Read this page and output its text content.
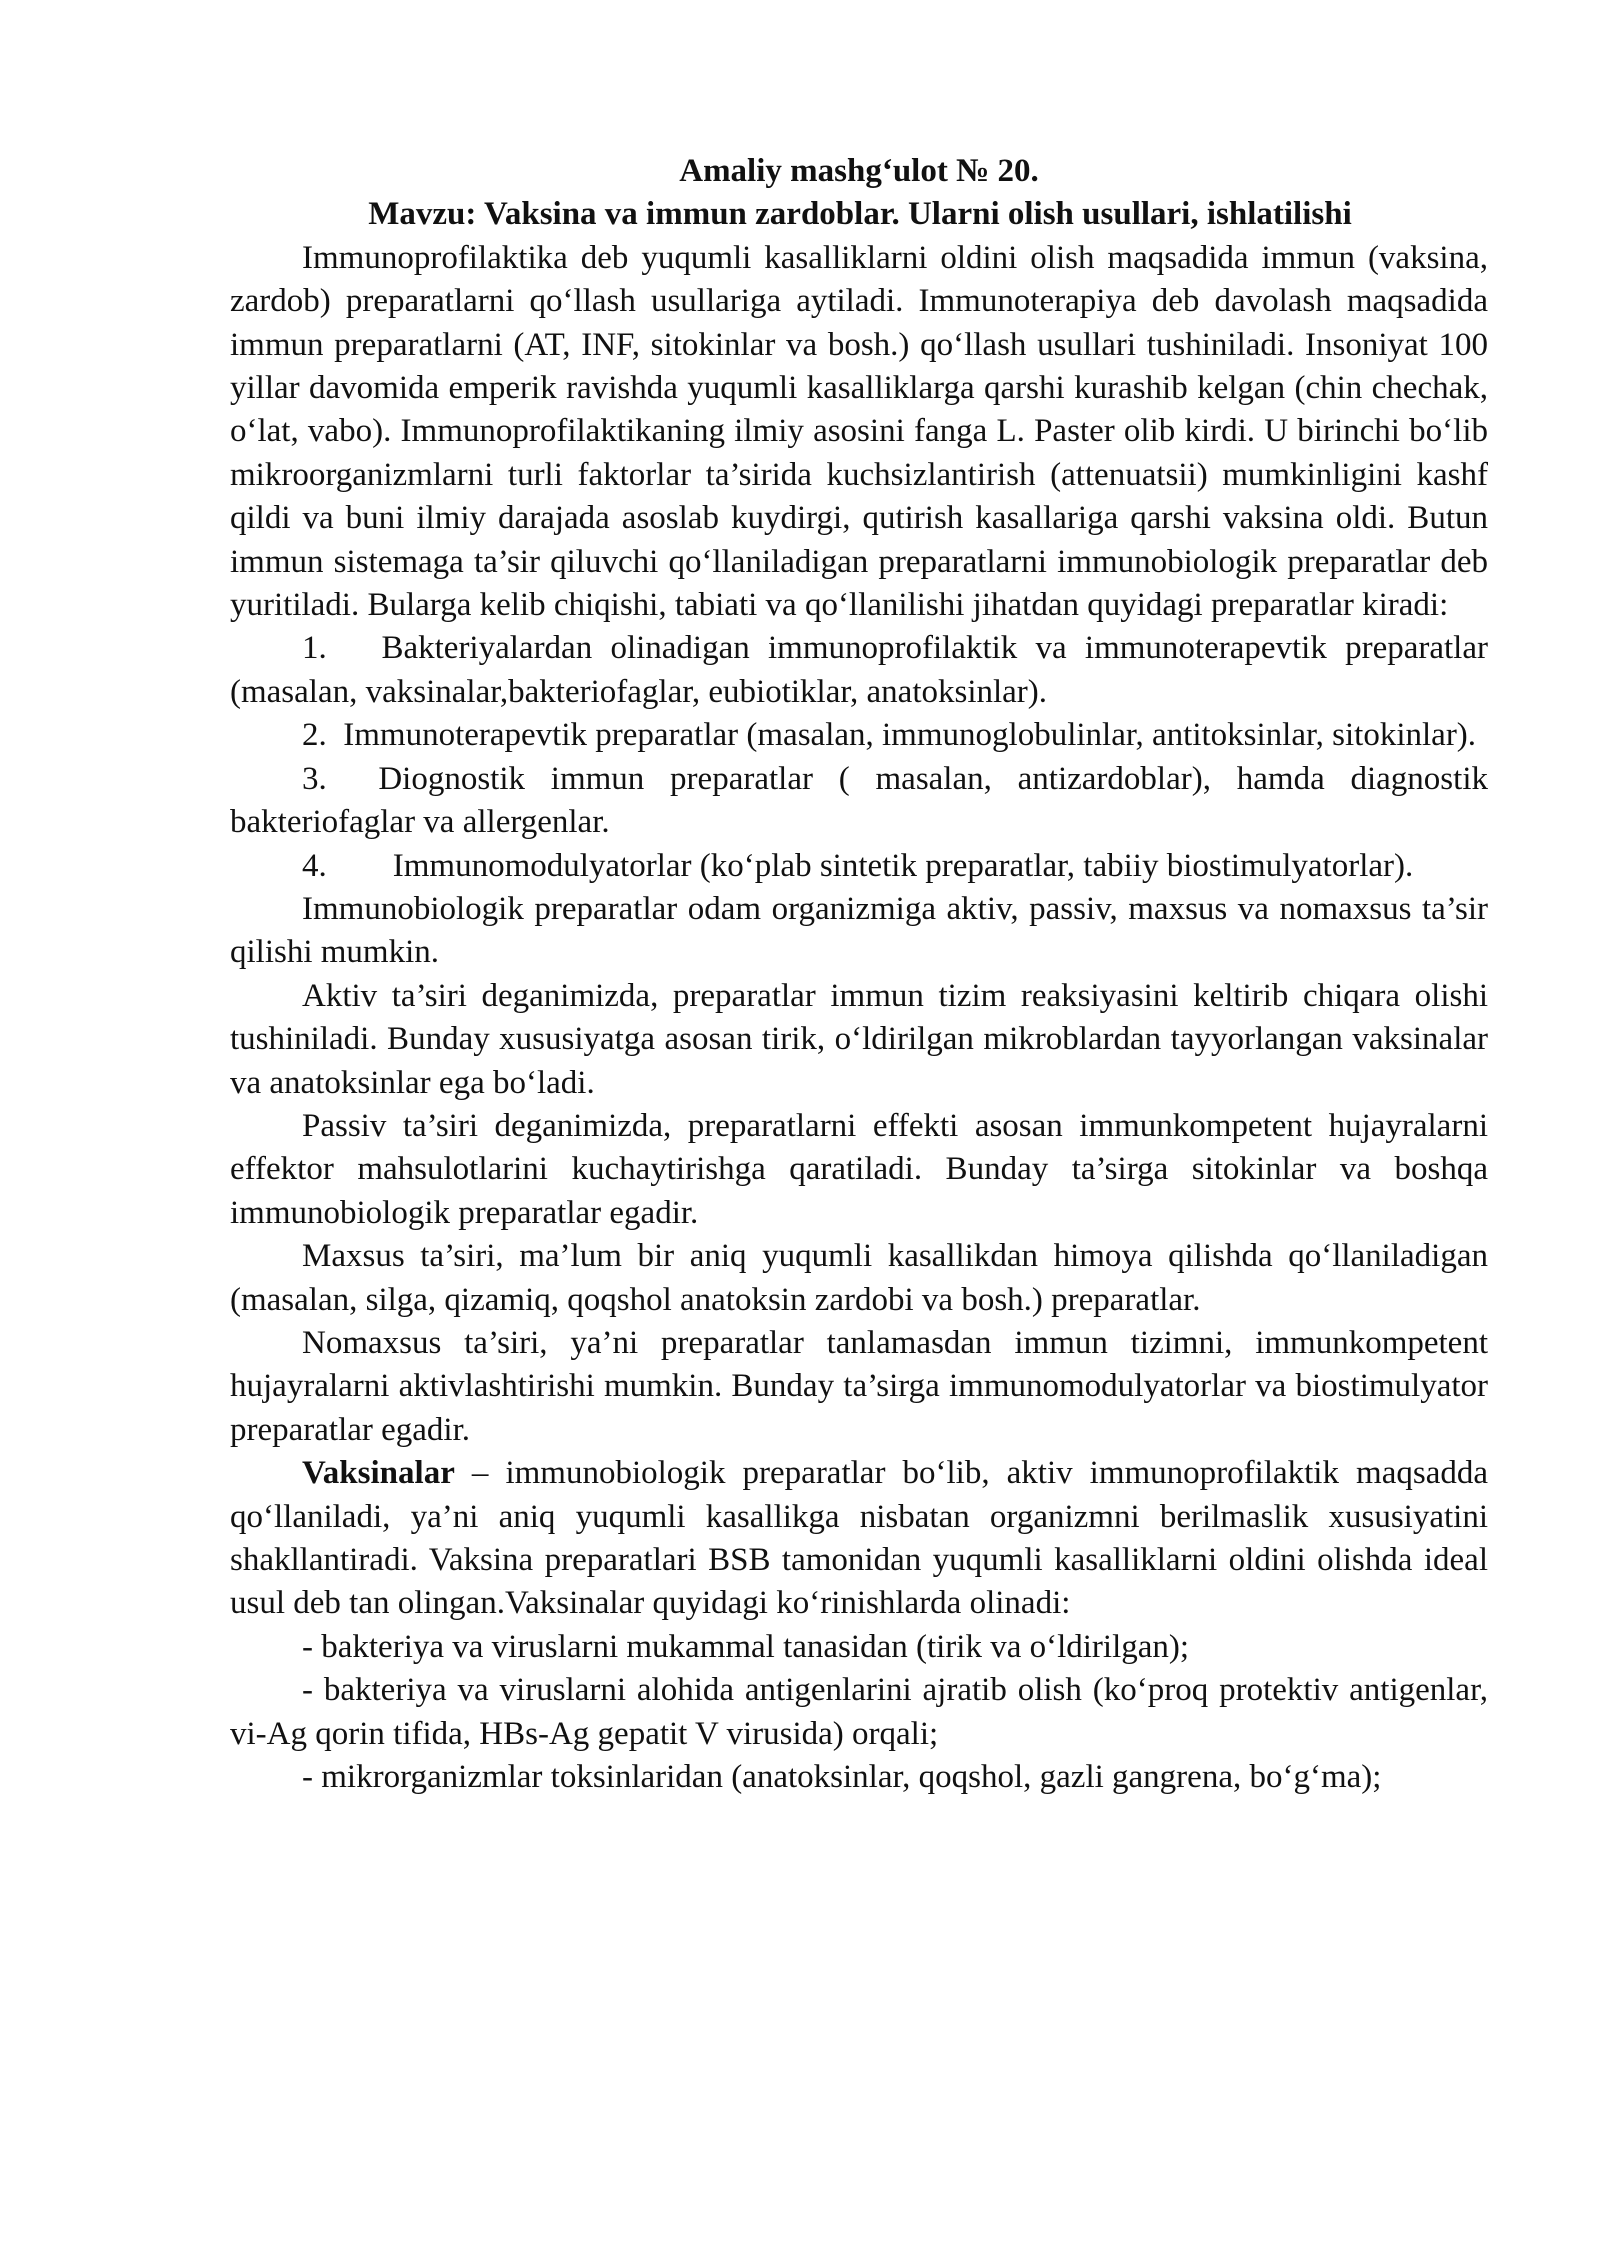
Amaliy mashg‘ulot № 20.
Mavzu: Vaksina va immun zardoblar. Ularni olish usullari, ishlatilishi

Immunoprofilaktika deb yuqumli kasalliklarni oldini olish maqsadida immun (vaksina, zardob) preparatlarni qo‘llash usullariga aytiladi. Immunoterapiya deb davolash maqsadida immun preparatlarni (AT, INF, sitokinlar va bosh.) qo‘llash usullari tushiniladi. Insoniyat 100 yillar davomida emperik ravishda yuqumli kasalliklarga qarshi kurashib kelgan (chin chechak, o‘lat, vabo). Immunoprofilaktikaning ilmiy asosini fanga L. Paster olib kirdi. U birinchi bo‘lib mikroorganizmlarni turli faktorlar ta’sirida kuchsizlantirish (attenuatsii) mumkinligini kashf qildi va buni ilmiy darajada asoslab kuydirgi, qutirish kasallariga qarshi vaksina oldi. Butun immun sistemaga ta’sir qiluvchi qo‘llaniladigan preparatlarni immunobiologik preparatlar deb yuritiladi. Bularga kelib chiqishi, tabiati va qo‘llanilishi jihatdan quyidagi preparatlar kiradi:

1.   Bakteriyalardan olinadigan immunoprofilaktik va immunoterapevtik preparatlar (masalan, vaksinalar,bakteriofaglar, eubiotiklar, anatoksinlar).

2.  Immunoterapevtik preparatlar (masalan, immunoglobulinlar, antitoksinlar, sitokinlar).

3.  Diognostik immun preparatlar ( masalan, antizardoblar), hamda diagnostik bakteriofaglar va allergenlar.

4.        Immunomodulyatorlar (ko‘plab sintetik preparatlar, tabiiy biostimulyatorlar).

Immunobiologik preparatlar odam organizmiga aktiv, passiv, maxsus va nomaxsus ta’sir qilishi mumkin.

Aktiv ta’siri deganimizda, preparatlar immun tizim reaksiyasini keltirib chiqara olishi tushiniladi. Bunday xususiyatga asosan tirik, o‘ldirilgan mikroblardan tayyorlangan vaksinalar va anatoksinlar ega bo‘ladi.

Passiv ta’siri deganimizda, preparatlarni effekti asosan immunkompetent hujayralarni effektor mahsulotlarini kuchaytirishga qaratiladi. Bunday ta’sirga sitokinlar va boshqa immunobiologik preparatlar egadir.

Maxsus ta’siri, ma’lum bir aniq yuqumli kasallikdan himoya qilishda qo‘llaniladigan (masalan, silga, qizamiq, qoqshol anatoksin zardobi va bosh.) preparatlar.

Nomaxsus ta’siri, ya’ni preparatlar tanlamasdan immun tizimni, immunkompetent hujayralarni aktivlashtirishi mumkin. Bunday ta’sirga immunomodulyatorlar va biostimulyator preparatlar egadir.

Vaksinalar – immunobiologik preparatlar bo‘lib, aktiv immunoprofilaktik maqsadda qo‘llaniladi, ya’ni aniq yuqumli kasallikga nisbatan organizmni berilmaslik xususiyatini shakllantiradi. Vaksina preparatlari BSB tamonidan yuqumli kasalliklarni oldini olishda ideal usul deb tan olingan.Vaksinalar quyidagi ko‘rinishlarda olinadi:

- bakteriya va viruslarni mukammal tanasidan (tirik va o‘ldirilgan);

- bakteriya va viruslarni alohida antigenlarini ajratib olish (ko‘proq protektiv antigenlar, vi-Ag qorin tifida, HBs-Ag gepatit V virusida) orqali;

- mikrorganizmlar toksinlaridan (anatoksinlar, qoqshol, gazli gangrena, bo‘g‘ma);
